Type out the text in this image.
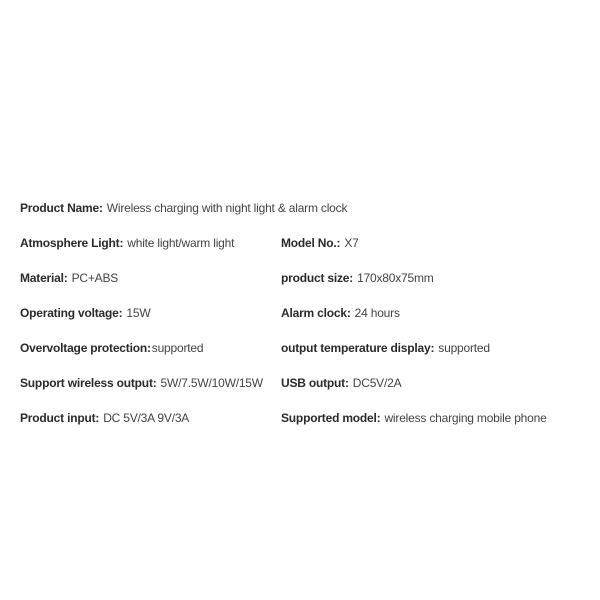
Product Name: Wireless charging with night light & alarm clock
Atmosphere Light: white light/warm light	Model No.: X7
Material: PC+ABS	product size: 170x80x75mm
Operating voltage: 15W	Alarm clock: 24 hours
Overvoltage protection:supported	output temperature display: supported
Support wireless output: 5W/7.5W/10W/15W USB output: DC5V/2A
Product input: DC 5V/3A 9V/3A	Supported model: wireless charging mobile phone
